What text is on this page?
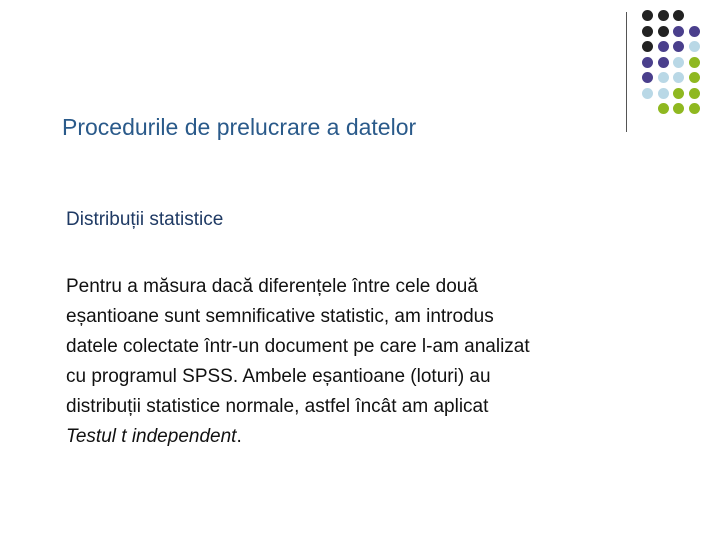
Procedurile de prelucrare a datelor
Distribuții statistice
Pentru a măsura dacă diferențele între cele două
eșantioane sunt semnificative statistic, am introdus
datele colectate într-un document pe care l-am analizat
cu programul SPSS. Ambele eșantioane (loturi) au
distribuții statistice normale, astfel încât am aplicat
Testul t independent.
